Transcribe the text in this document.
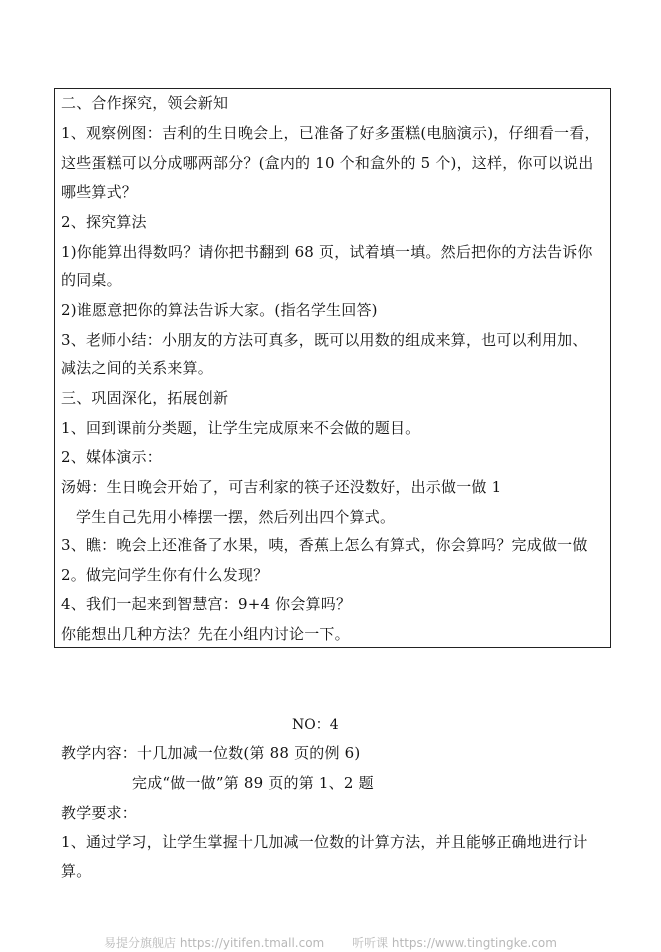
二、合作探究，领会新知
1、观察例图：吉利的生日晚会上，已准备了好多蛋糕(电脑演示)，仔细看一看，
这些蛋糕可以分成哪两部分？(盒内的 10 个和盒外的 5 个)，这样，你可以说出
哪些算式？
2、探究算法
1)你能算出得数吗？请你把书翻到 68 页，试着填一填。然后把你的方法告诉你
的同桌。
2)谁愿意把你的算法告诉大家。(指名学生回答)
3、老师小结：小朋友的方法可真多，既可以用数的组成来算，也可以利用加、
减法之间的关系来算。
三、巩固深化，拓展创新
1、回到课前分类题，让学生完成原来不会做的题目。
2、媒体演示：
汤姆：生日晚会开始了，可吉利家的筷子还没数好，出示做一做 1
学生自己先用小棒摆一摆，然后列出四个算式。
3、瞧：晚会上还准备了水果，咦，香蕉上怎么有算式，你会算吗？完成做一做
2。做完问学生你有什么发现？
4、我们一起来到智慧宫：9+4 你会算吗？
你能想出几种方法？先在小组内讨论一下。
NO：4
教学内容：十几加减一位数(第 88 页的例 6)
完成“做一做”第 89 页的第 1、2 题
教学要求：
1、通过学习，让学生掌握十几加减一位数的计算方法，并且能够正确地进行计
算。
易提分旗舰店 https://yitifen.tmall.com 听听课 https://www.tingtingke.com
